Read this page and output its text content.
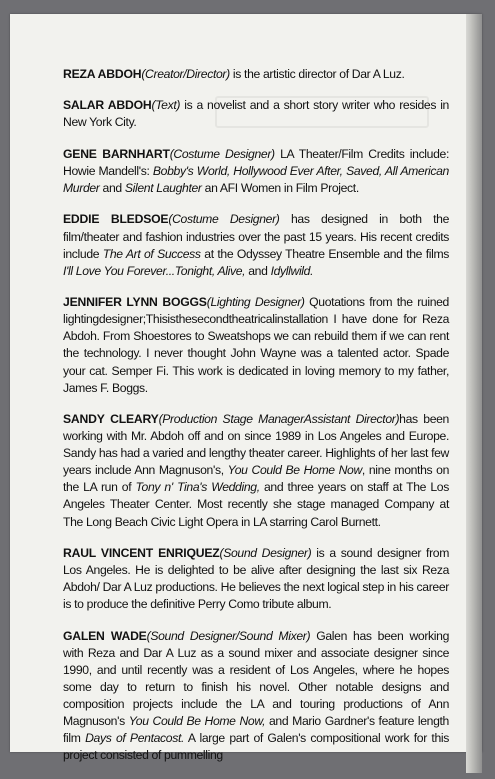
REZA ABDOH(Creator/Director) is the artistic director of Dar A Luz.

SALAR ABDOH(Text) is a novelist and a short story writer who resides in New York City.

GENE BARNHART(Costume Designer) LA Theater/Film Credits include: Howie Mandell's: Bobby's World, Hollywood Ever After, Saved, All American Murder and Silent Laughter an AFI Women in Film Project.

EDDIE BLEDSOE(Costume Designer) has designed in both the film/theater and fashion industries over the past 15 years. His recent credits include The Art of Success at the Odyssey Theatre Ensemble and the films I'll Love You Forever...Tonight, Alive, and Idyllwild.

JENNIFER LYNN BOGGS(Lighting Designer) Quotations from the ruined lightingdesigner;Thisisthesecondtheatricalinstallation I have done for Reza Abdoh. From Shoestores to Sweatshops we can rebuild them if we can rent the technology. I never thought John Wayne was a talented actor. Spade your cat. Semper Fi. This work is dedicated in loving memory to my father, James F. Boggs.

SANDY CLEARY(Production Stage ManagerAssistant Director)has been working with Mr. Abdoh off and on since 1989 in Los Angeles and Europe. Sandy has had a varied and lengthy theater career. Highlights of her last few years include Ann Magnuson's, You Could Be Home Now, nine months on the LA run of Tony n' Tina's Wedding, and three years on staff at The Los Angeles Theater Center. Most recently she stage managed Company at The Long Beach Civic Light Opera in LA starring Carol Burnett.

RAUL VINCENT ENRIQUEZ(Sound Designer) is a sound designer from Los Angeles. He is delighted to be alive after designing the last six Reza Abdoh/ Dar A Luz productions. He believes the next logical step in his career is to produce the definitive Perry Como tribute album.

GALEN WADE(Sound Designer/Sound Mixer) Galen has been working with Reza and Dar A Luz as a sound mixer and associate designer since 1990, and until recently was a resident of Los Angeles, where he hopes some day to return to finish his novel. Other notable designs and composition projects include the LA and touring productions of Ann Magnuson's You Could Be Home Now, and Mario Gardner's feature length film Days of Pentacost. A large part of Galen's compositional work for this project consisted of pummelling
